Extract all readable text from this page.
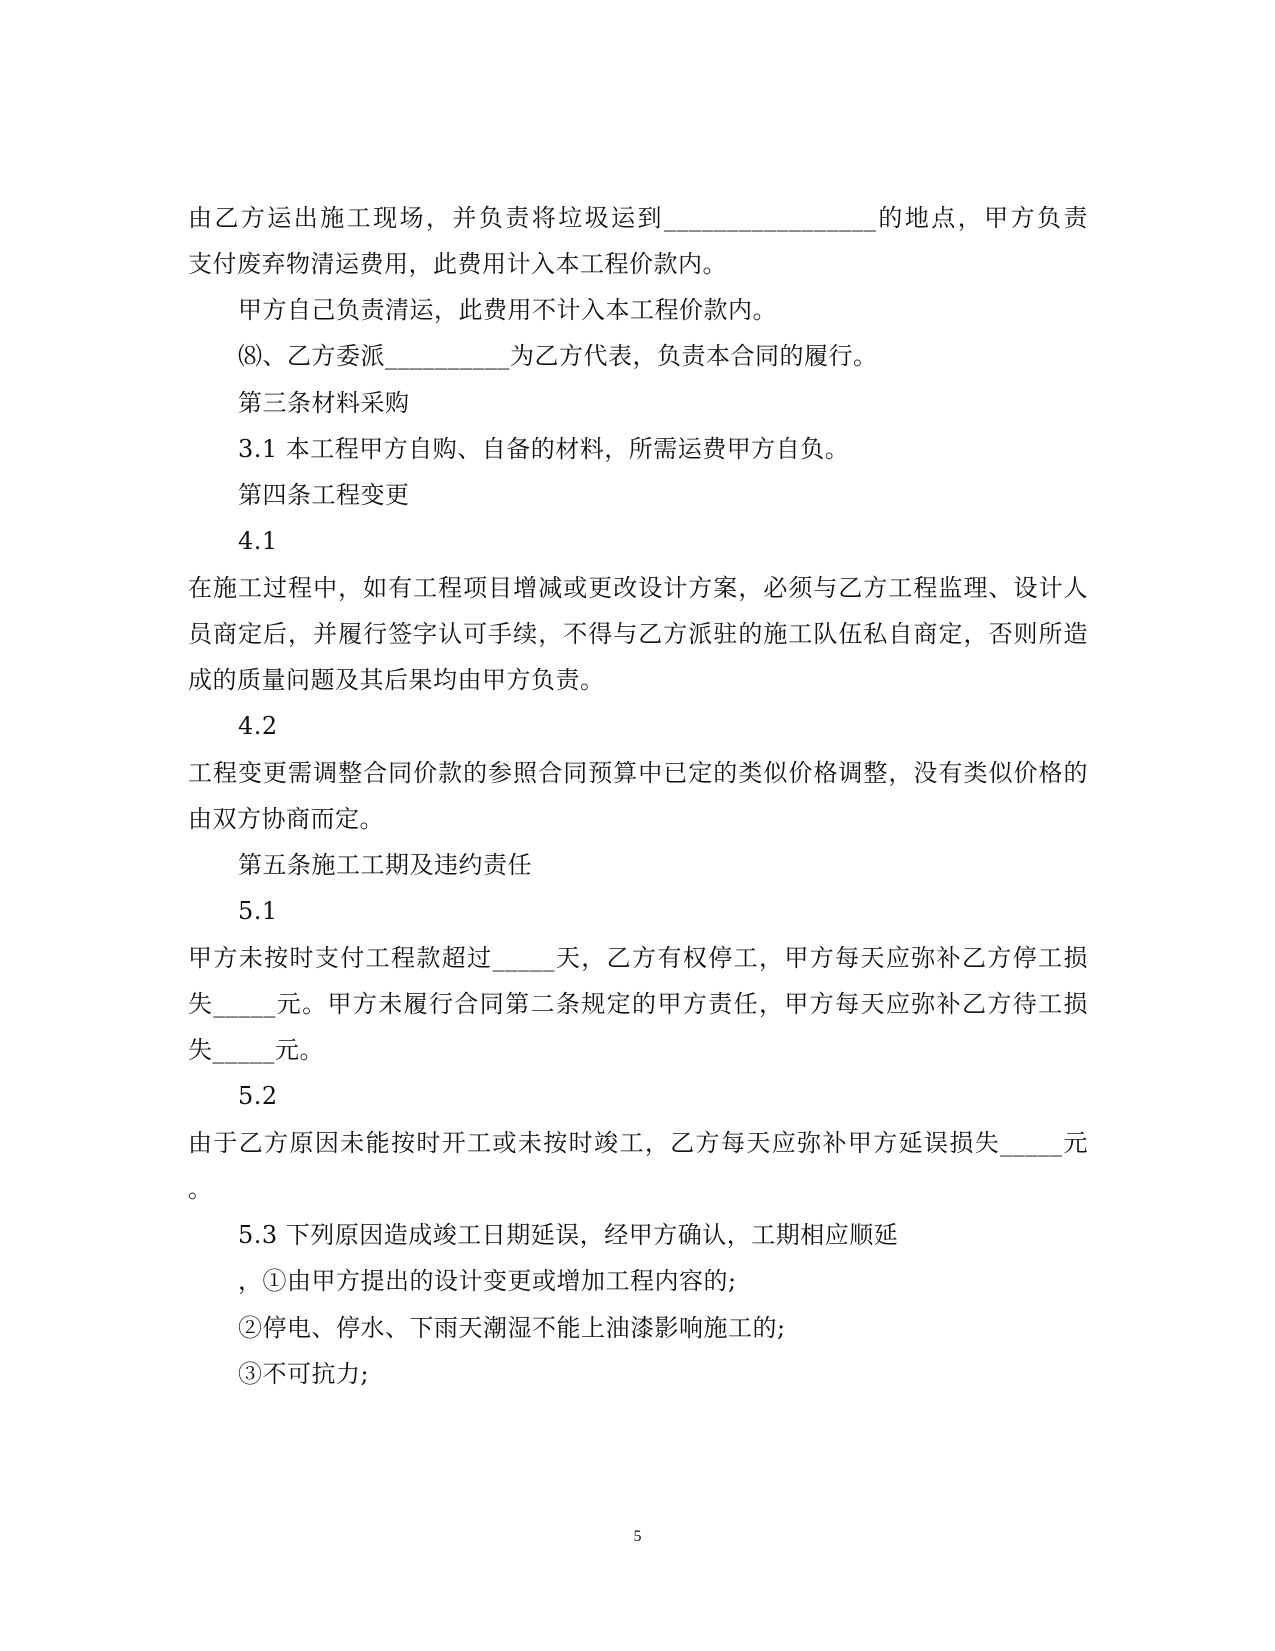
由乙方运出施工现场，并负责将垃圾运到_________________的地点，甲方负责
支付废弃物清运费用，此费用计入本工程价款内。
甲方自己负责清运，此费用不计入本工程价款内。
⑻、乙方委派__________为乙方代表，负责本合同的履行。
第三条材料采购
3.1 本工程甲方自购、自备的材料，所需运费甲方自负。
第四条工程变更
4.1
在施工过程中，如有工程项目增减或更改设计方案，必须与乙方工程监理、设计人
员商定后，并履行签字认可手续，不得与乙方派驻的施工队伍私自商定，否则所造
成的质量问题及其后果均由甲方负责。
4.2
工程变更需调整合同价款的参照合同预算中已定的类似价格调整，没有类似价格的
由双方协商而定。
第五条施工工期及违约责任
5.1
甲方未按时支付工程款超过_____天，乙方有权停工，甲方每天应弥补乙方停工损
失_____元。甲方未履行合同第二条规定的甲方责任，甲方每天应弥补乙方待工损
失_____元。
5.2
由于乙方原因未能按时开工或未按时竣工，乙方每天应弥补甲方延误损失_____元
。
5.3 下列原因造成竣工日期延误，经甲方确认，工期相应顺延
，①由甲方提出的设计变更或增加工程内容的;
②停电、停水、下雨天潮湿不能上油漆影响施工的;
③不可抗力;
5
